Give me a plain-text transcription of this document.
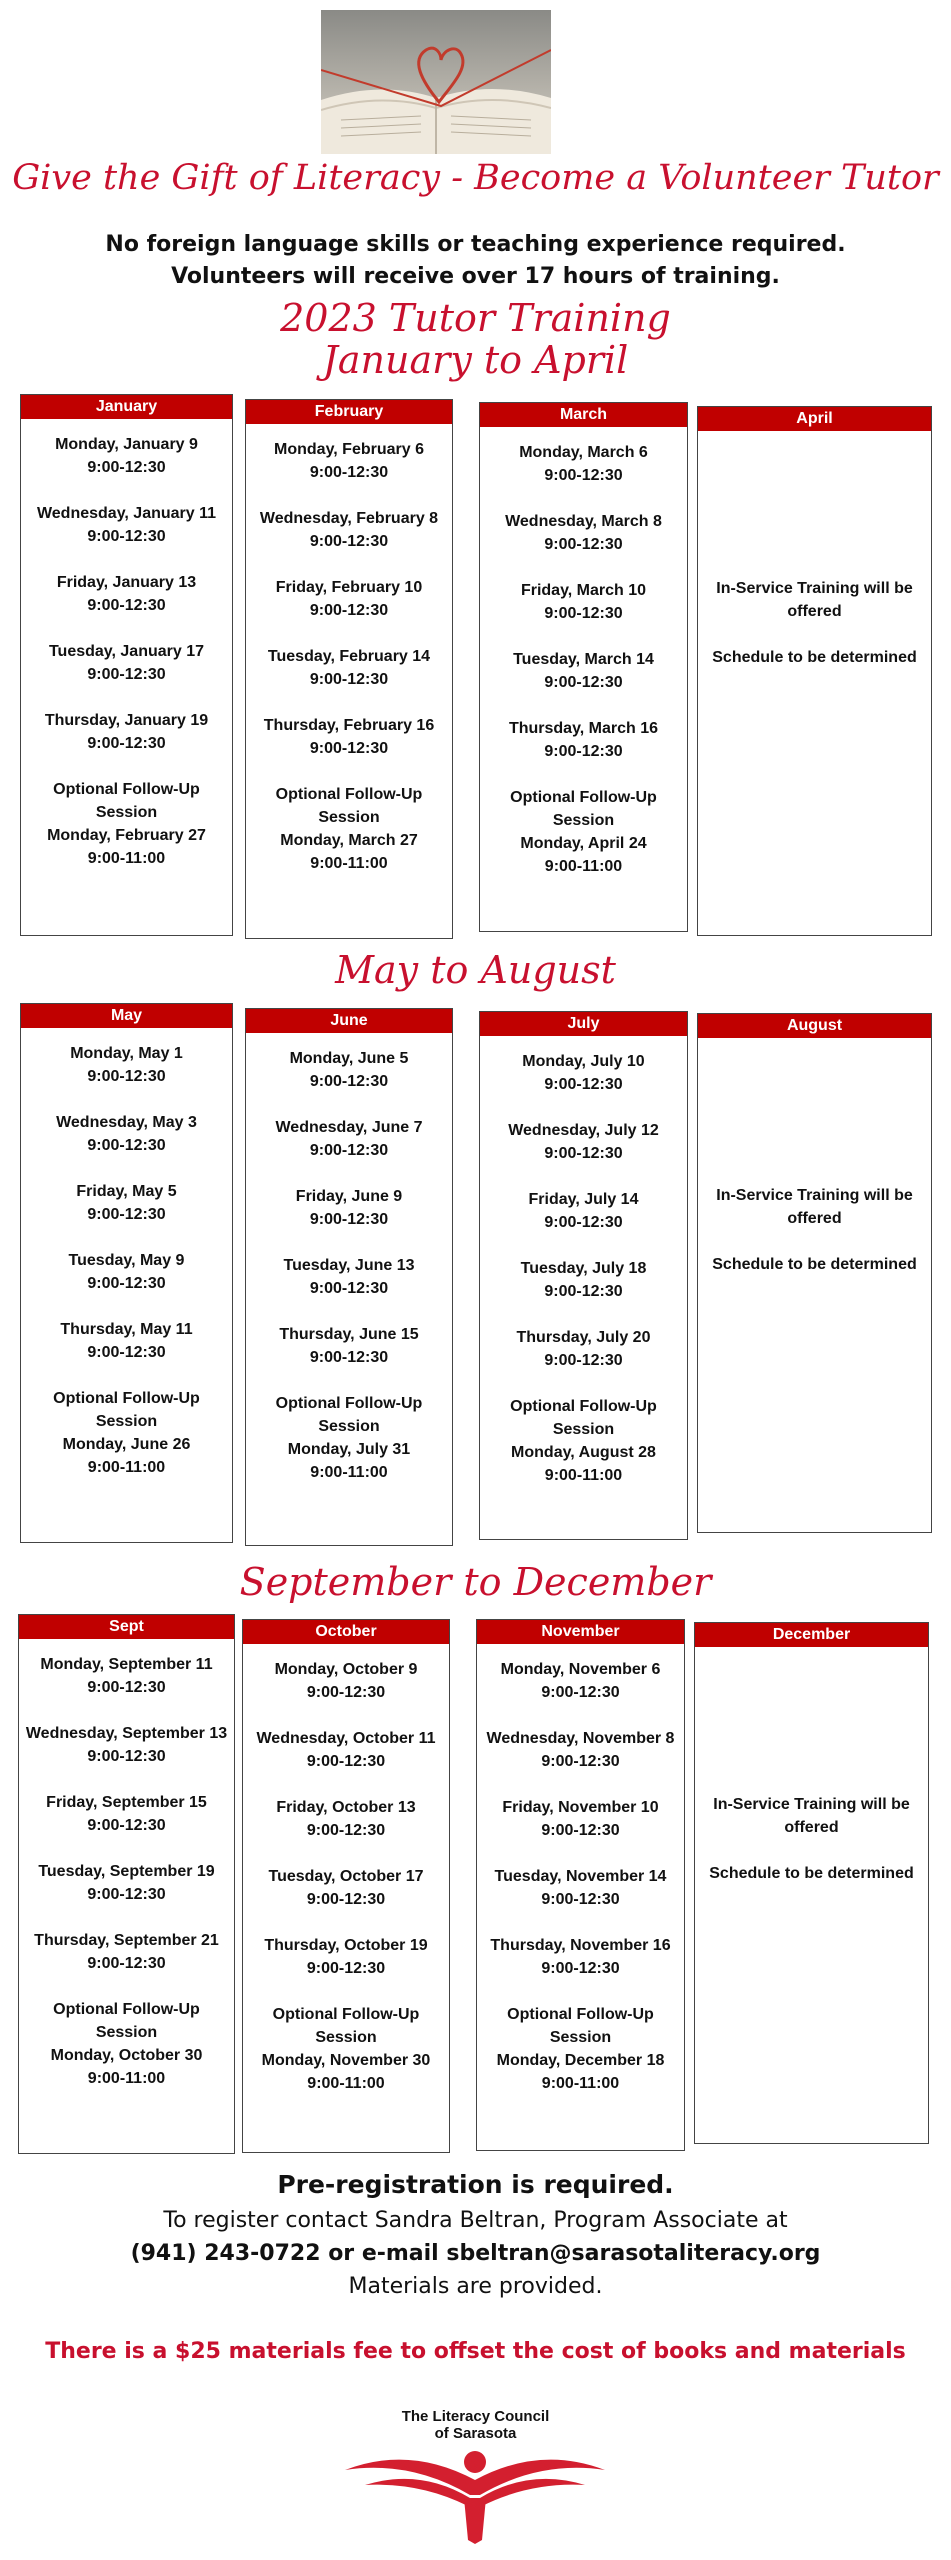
Give the Gift of Literacy - Become a Volunteer Tutor
No foreign language skills or teaching experience required.
Volunteers will receive over 17 hours of training.
2023 Tutor Training
January to April
May to August
September to December
January
Monday, January 9
9:00-12:30
Wednesday, January 11
9:00-12:30
Friday, January 13
9:00-12:30
Tuesday, January 17
9:00-12:30
Thursday, January 19
9:00-12:30
Optional Follow-Up
Session
Monday, February 27
9:00-11:00
February
Monday, February 6
9:00-12:30
Wednesday, February 8
9:00-12:30
Friday, February 10
9:00-12:30
Tuesday, February 14
9:00-12:30
Thursday, February 16
9:00-12:30
Optional Follow-Up
Session
Monday, March 27
9:00-11:00
March
Monday, March 6
9:00-12:30
Wednesday, March 8
9:00-12:30
Friday, March 10
9:00-12:30
Tuesday, March 14
9:00-12:30
Thursday, March 16
9:00-12:30
Optional Follow-Up
Session
Monday, April 24
9:00-11:00
April
In-Service Training will be
offered

Schedule to be determined
May
Monday, May 1
9:00-12:30
Wednesday, May 3
9:00-12:30
Friday, May 5
9:00-12:30
Tuesday, May 9
9:00-12:30
Thursday, May 11
9:00-12:30
Optional Follow-Up
Session
Monday, June 26
9:00-11:00
June
Monday, June 5
9:00-12:30
Wednesday, June 7
9:00-12:30
Friday, June 9
9:00-12:30
Tuesday, June 13
9:00-12:30
Thursday, June 15
9:00-12:30
Optional Follow-Up
Session
Monday, July 31
9:00-11:00
July
Monday, July 10
9:00-12:30
Wednesday, July 12
9:00-12:30
Friday, July 14
9:00-12:30
Tuesday, July 18
9:00-12:30
Thursday, July 20
9:00-12:30
Optional Follow-Up
Session
Monday, August 28
9:00-11:00
August
In-Service Training will be
offered

Schedule to be determined
Sept
Monday, September 11
9:00-12:30
Wednesday, September 13
9:00-12:30
Friday, September 15
9:00-12:30
Tuesday, September 19
9:00-12:30
Thursday, September 21
9:00-12:30
Optional Follow-Up
Session
Monday, October 30
9:00-11:00
October
Monday, October 9
9:00-12:30
Wednesday, October 11
9:00-12:30
Friday, October 13
9:00-12:30
Tuesday, October 17
9:00-12:30
Thursday, October 19
9:00-12:30
Optional Follow-Up
Session
Monday, November 30
9:00-11:00
November
Monday, November 6
9:00-12:30
Wednesday, November 8
9:00-12:30
Friday, November 10
9:00-12:30
Tuesday, November 14
9:00-12:30
Thursday, November 16
9:00-12:30
Optional Follow-Up
Session
Monday, December 18
9:00-11:00
December
In-Service Training will be
offered

Schedule to be determined
Pre-registration is required.
To register contact Sandra Beltran, Program Associate at
(941) 243-0722 or e-mail sbeltran@sarasotaliteracy.org
Materials are provided.
There is a $25 materials fee to offset the cost of books and materials
The Literacy Council
of Sarasota
